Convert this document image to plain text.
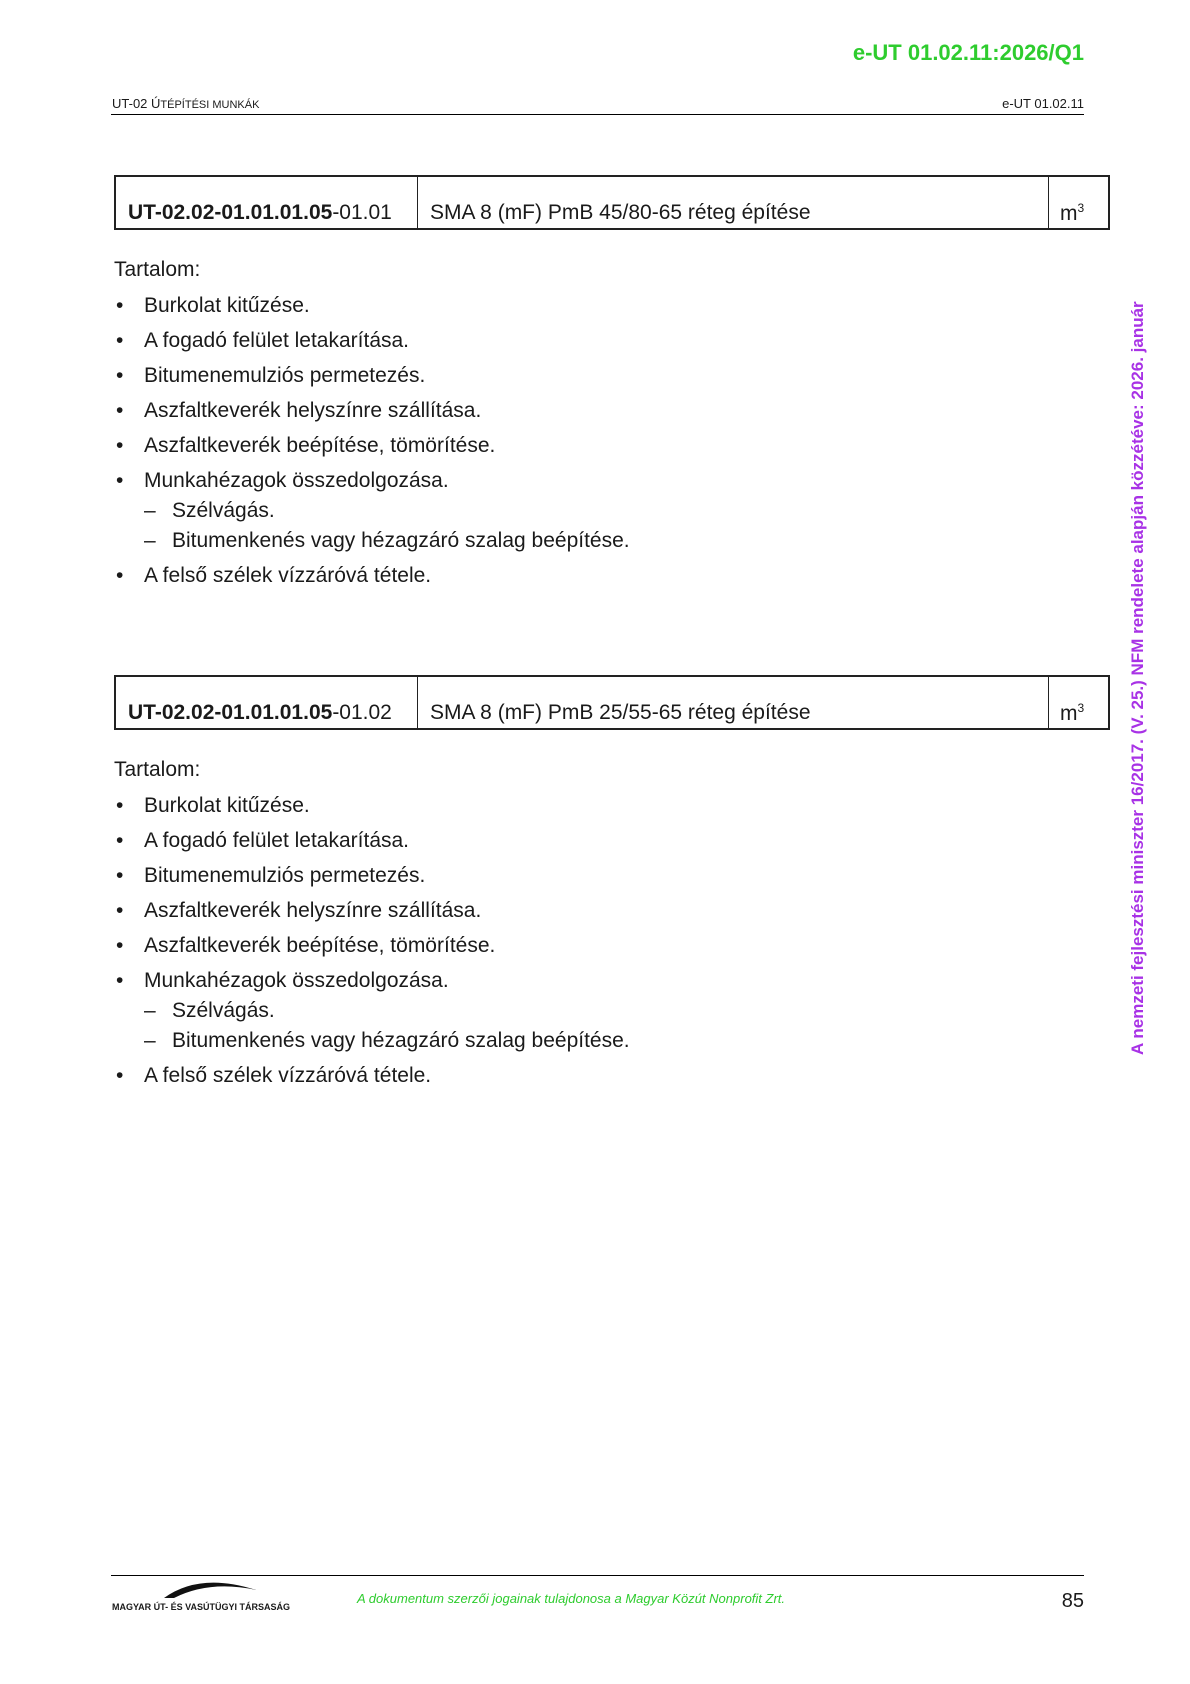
e-UT 01.02.11:2026/Q1
UT-02 ÚTÉPÍTÉSI MUNKÁK	e-UT 01.02.11
A nemzeti fejlesztési miniszter 16/2017. (V. 25.) NFM rendelete alapján közzétéve: 2026. január
UT-02.02-01.01.01.05-01.01	SMA 8 (mF) PmB 45/80-65 réteg építése	$m^3$
Tartalom:
• Burkolat kitűzése.
• A fogadó felület letakarítása.
• Bitumenemulziós permetezés.
• Aszfaltkeverék helyszínre szállítása.
• Aszfaltkeverék beépítése, tömörítése.
• Munkahézagok összedolgozása.
– Szélvágás.
– Bitumenkenés vagy hézagzáró szalag beépítése.
• A felső szélek vízzáróvá tétele.
UT-02.02-01.01.01.05-01.02	SMA 8 (mF) PmB 25/55-65 réteg építése	$m^3$
Tartalom:
• Burkolat kitűzése.
• A fogadó felület letakarítása.
• Bitumenemulziós permetezés.
• Aszfaltkeverék helyszínre szállítása.
• Aszfaltkeverék beépítése, tömörítése.
• Munkahézagok összedolgozása.
– Szélvágás.
– Bitumenkenés vagy hézagzáró szalag beépítése.
• A felső szélek vízzáróvá tétele.
MAGYAR ÚT- ÉS VASÚTÜGYI TÁRSASÁG
A dokumentum szerzői jogainak tulajdonosa a Magyar Közút Nonprofit Zrt.	85
